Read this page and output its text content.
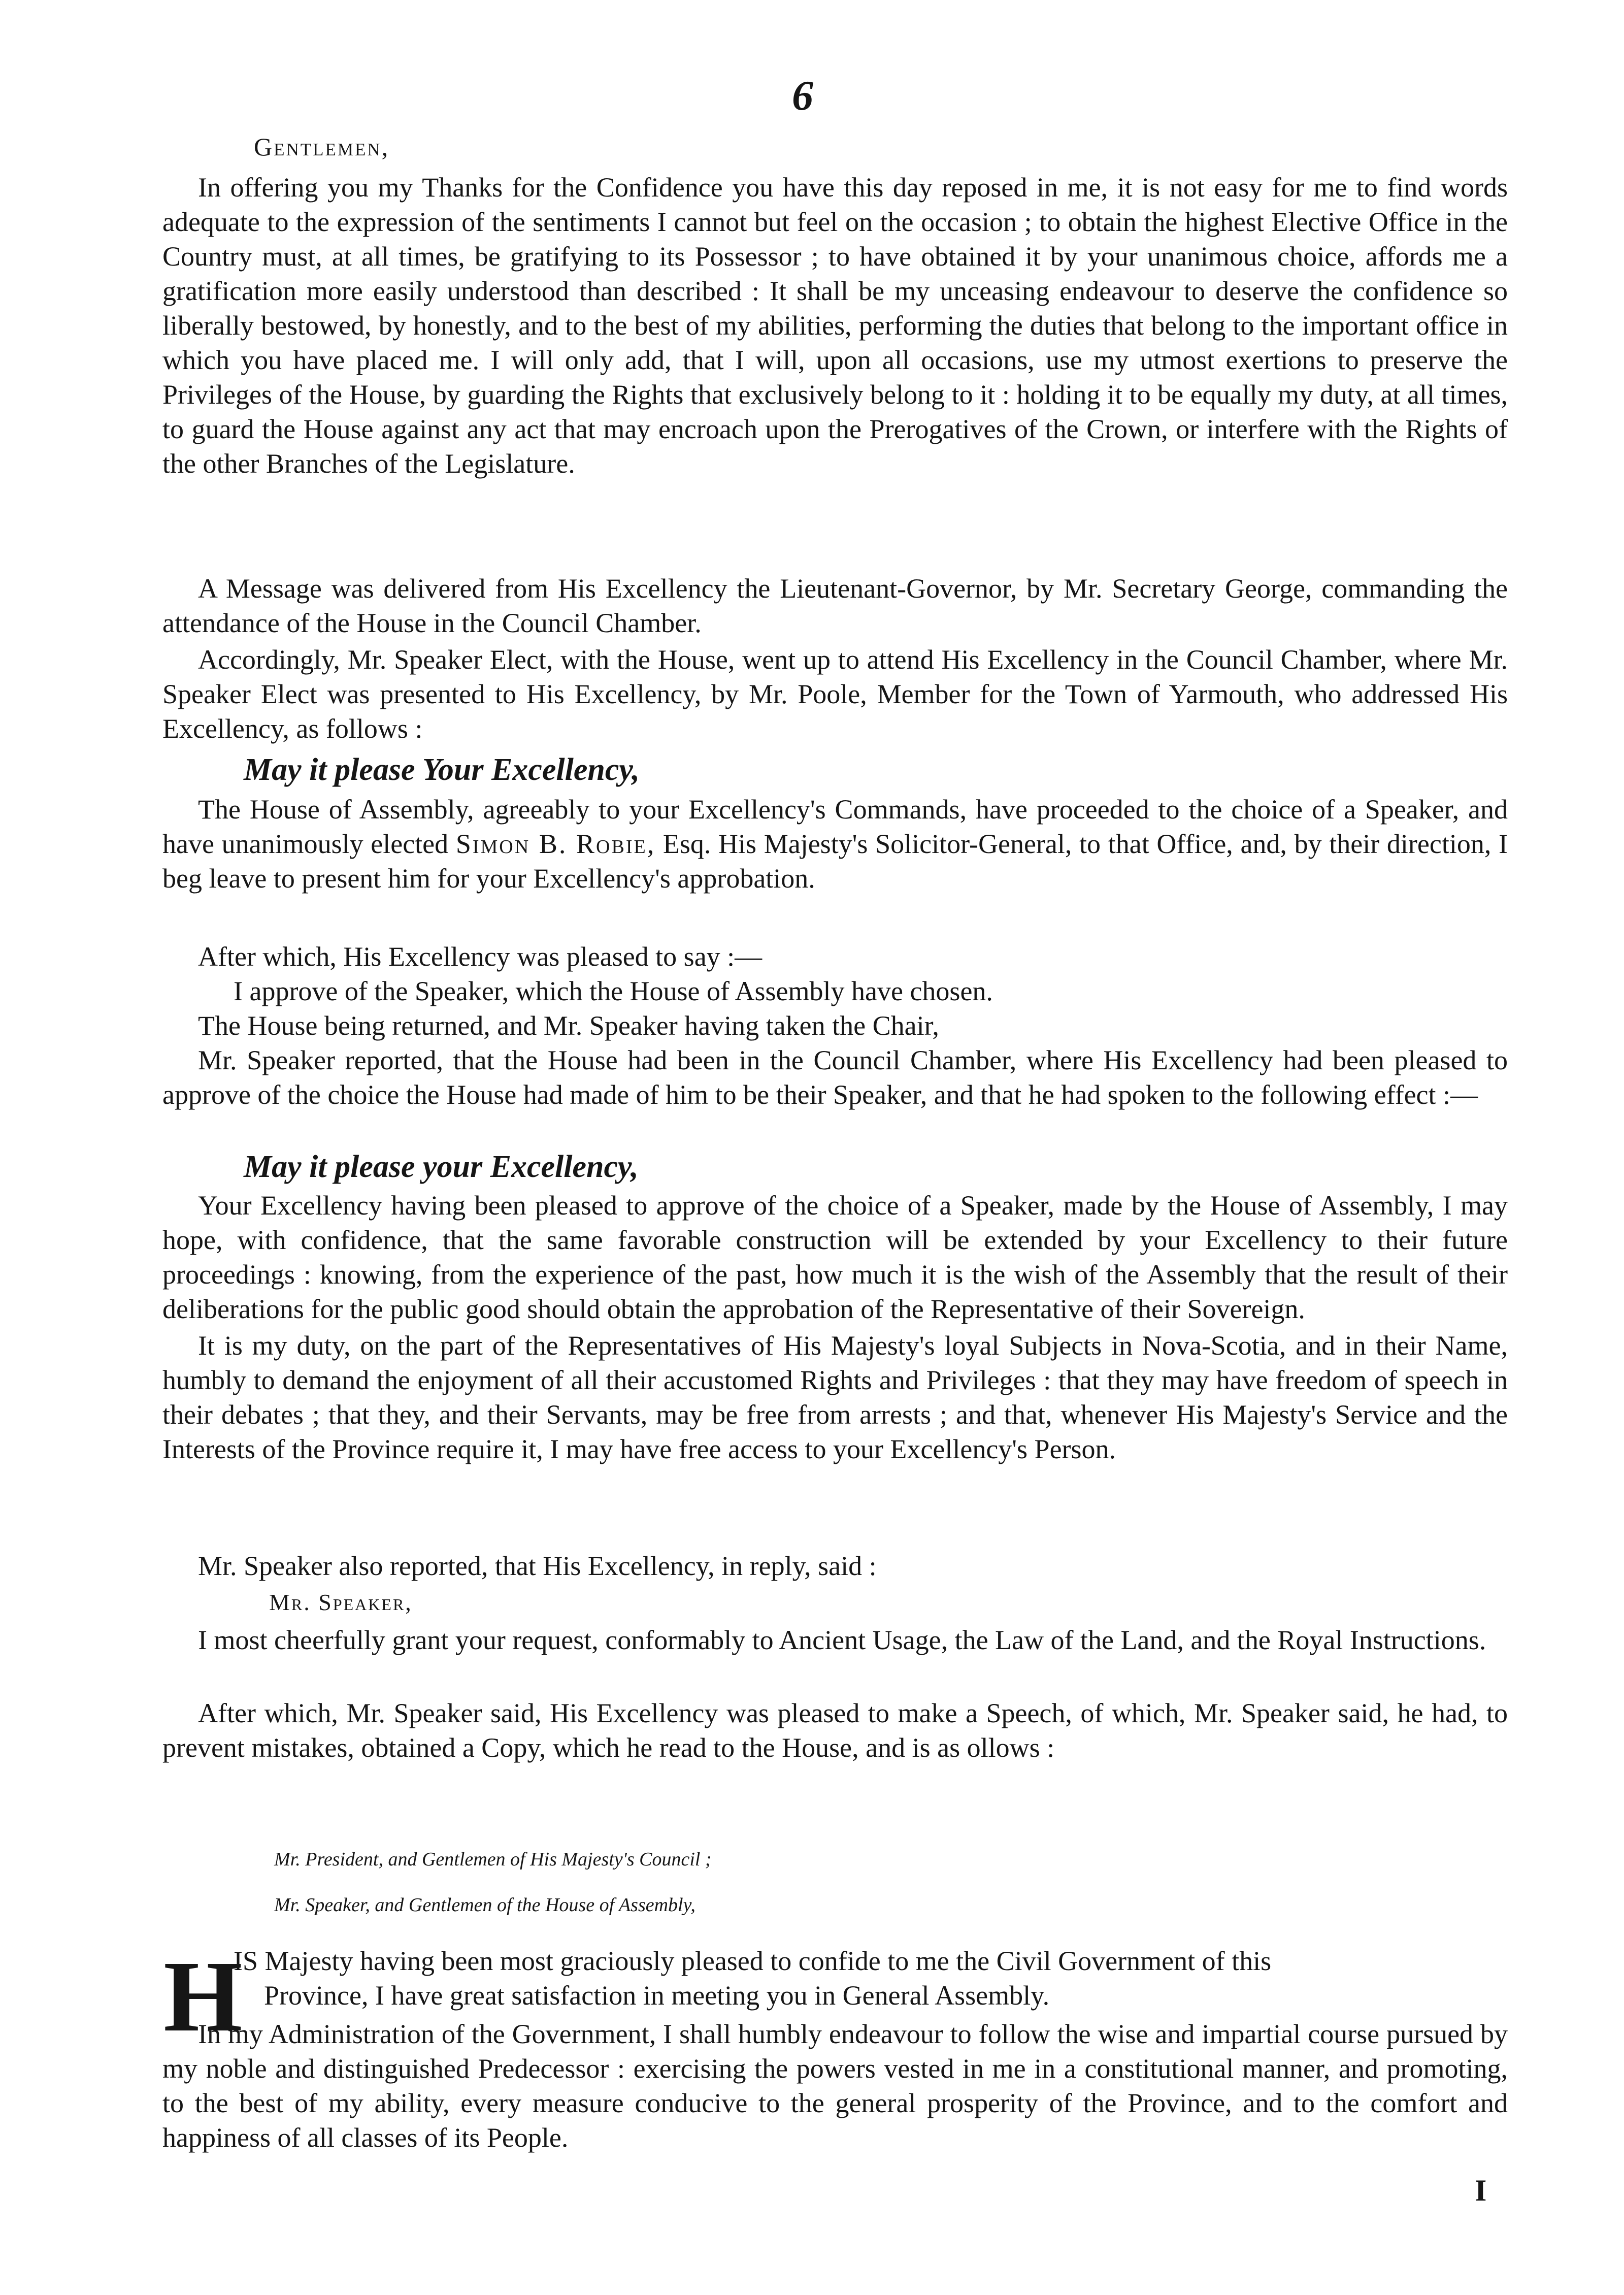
6
Gentlemen,

In offering you my Thanks for the Confidence you have this day reposed in me, it is not easy for me to find words adequate to the expression of the sentiments I cannot but feel on the occasion ; to obtain the highest Elective Office in the Country must, at all times, be gratifying to its Possessor ; to have obtained it by your unanimous choice, affords me a gratification more easily understood than described : It shall be my unceasing endeavour to deserve the confidence so liberally bestowed, by honestly, and to the best of my abilities, performing the duties that belong to the important office in which you have placed me. I will only add, that I will, upon all occasions, use my utmost exertions to preserve the Privileges of the House, by guarding the Rights that exclusively belong to it : holding it to be equally my duty, at all times, to guard the House against any act that may encroach upon the Prerogatives of the Crown, or interfere with the Rights of the other Branches of the Legislature.

A Message was delivered from His Excellency the Lieutenant-Governor, by Mr. Secretary George, commanding the attendance of the House in the Council Chamber.

Accordingly, Mr. Speaker Elect, with the House, went up to attend His Excellency in the Council Chamber, where Mr. Speaker Elect was presented to His Excellency, by Mr. Poole, Member for the Town of Yarmouth, who addressed His Excellency, as follows :

May it please Your Excellency,

The House of Assembly, agreeably to your Excellency's Commands, have proceeded to the choice of a Speaker, and have unanimously elected Simon B. Robie, Esq. His Majesty's Solicitor-General, to that Office, and, by their direction, I beg leave to present him for your Excellency's approbation.

After which, His Excellency was pleased to say :—
I approve of the Speaker, which the House of Assembly have chosen.
The House being returned, and Mr. Speaker having taken the Chair,

Mr. Speaker reported, that the House had been in the Council Chamber, where His Excellency had been pleased to approve of the choice the House had made of him to be their Speaker, and that he had spoken to the following effect :—

May it please your Excellency,

Your Excellency having been pleased to approve of the choice of a Speaker, made by the House of Assembly, I may hope, with confidence, that the same favorable construction will be extended by your Excellency to their future proceedings : knowing, from the experience of the past, how much it is the wish of the Assembly that the result of their deliberations for the public good should obtain the approbation of the Representative of their Sovereign.

It is my duty, on the part of the Representatives of His Majesty's loyal Subjects in Nova-Scotia, and in their Name, humbly to demand the enjoyment of all their accustomed Rights and Privileges : that they may have freedom of speech in their debates ; that they, and their Servants, may be free from arrests ; and that, whenever His Majesty's Service and the Interests of the Province require it, I may have free access to your Excellency's Person.

Mr. Speaker also reported, that His Excellency, in reply, said :
Mr. Speaker,

I most cheerfully grant your request, conformably to Ancient Usage, the Law of the Land, and the Royal Instructions.

After which, Mr. Speaker said, His Excellency was pleased to make a Speech, of which, Mr. Speaker said, he had, to prevent mistakes, obtained a Copy, which he read to the House, and is as ollows :

Mr. President, and Gentlemen of His Majesty's Council ;
Mr. Speaker, and Gentlemen of the House of Assembly,
H
IS Majesty having been most graciously pleased to confide to me the Civil Government of this
Province, I have great satisfaction in meeting you in General Assembly.

In my Administration of the Government, I shall humbly endeavour to follow the wise and impartial course pursued by my noble and distinguished Predecessor : exercising the powers vested in me in a constitutional manner, and promoting, to the best of my ability, every measure conducive to the general prosperity of the Province, and to the comfort and happiness of all classes of its People.

I
